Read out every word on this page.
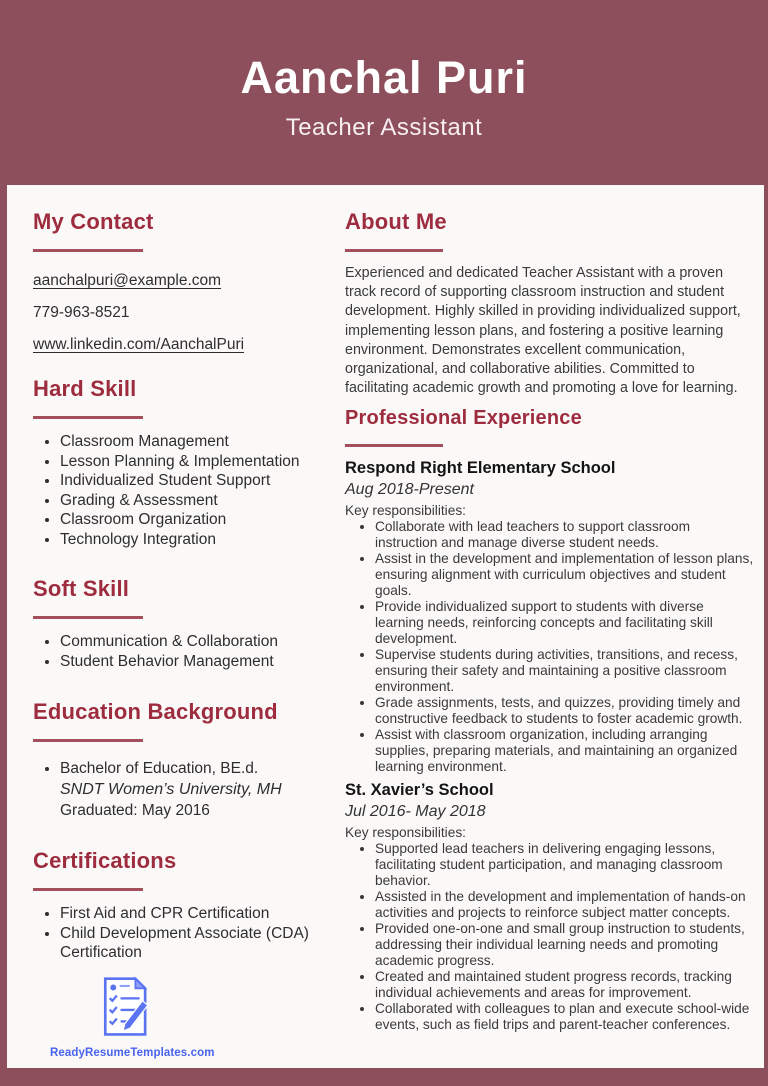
Aanchal Puri
Teacher Assistant
My Contact
aanchalpuri@example.com
779-963-8521
www.linkedin.com/AanchalPuri
Hard Skill
• Classroom Management
• Lesson Planning & Implementation
• Individualized Student Support
• Grading & Assessment
• Classroom Organization
• Technology Integration
Soft Skill
• Communication & Collaboration
• Student Behavior Management
Education Background
• Bachelor of Education, BE.d.
SNDT Women’s University, MH
Graduated: May 2016
Certifications
• First Aid and CPR Certification
• Child Development Associate (CDA) Certification
About Me

Experienced and dedicated Teacher Assistant with a proven track record of supporting classroom instruction and student development. Highly skilled in providing individualized support, implementing lesson plans, and fostering a positive learning environment. Demonstrates excellent communication, organizational, and collaborative abilities. Committed to facilitating academic growth and promoting a love for learning.

Professional Experience
Respond Right Elementary School
Aug 2018-Present
Key responsibilities:
• Collaborate with lead teachers to support classroom instruction and manage diverse student needs.
• Assist in the development and implementation of lesson plans, ensuring alignment with curriculum objectives and student goals.
• Provide individualized support to students with diverse learning needs, reinforcing concepts and facilitating skill development.
• Supervise students during activities, transitions, and recess, ensuring their safety and maintaining a positive classroom environment.
• Grade assignments, tests, and quizzes, providing timely and constructive feedback to students to foster academic growth.
• Assist with classroom organization, including arranging supplies, preparing materials, and maintaining an organized learning environment.
St. Xavier’s School
Jul 2016- May 2018
Key responsibilities:
• Supported lead teachers in delivering engaging lessons, facilitating student participation, and managing classroom behavior.
• Assisted in the development and implementation of hands-on activities and projects to reinforce subject matter concepts.
• Provided one-on-one and small group instruction to students, addressing their individual learning needs and promoting academic progress.
• Created and maintained student progress records, tracking individual achievements and areas for improvement.
• Collaborated with colleagues to plan and execute school-wide events, such as field trips and parent-teacher conferences.
ReadyResumeTemplates.com
